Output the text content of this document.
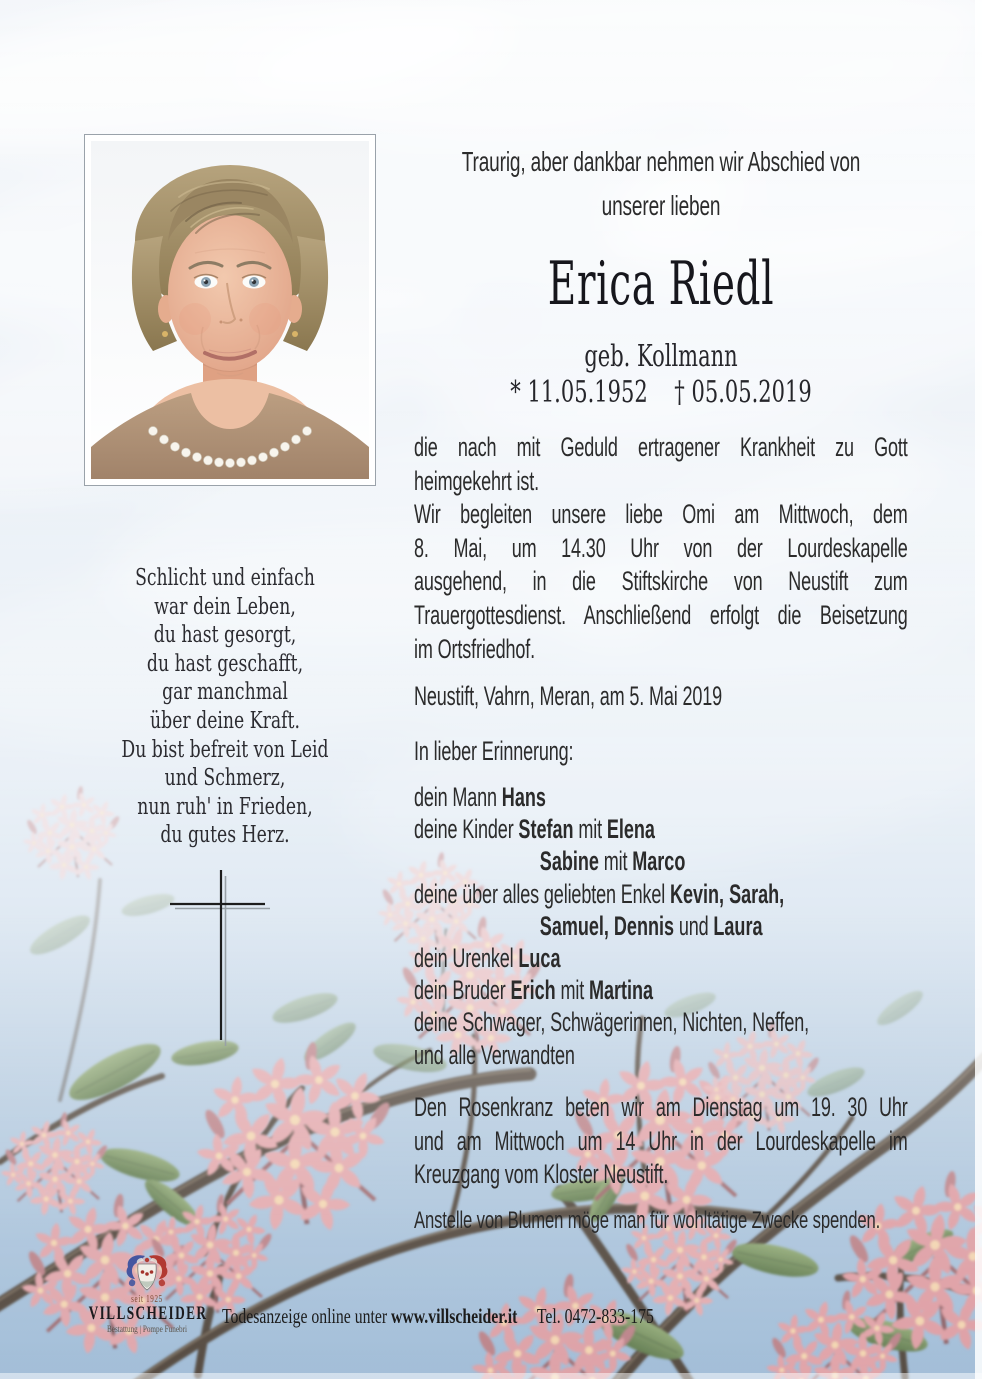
Traurig, aber dankbar nehmen wir Abschied von
unserer lieben
Erica Riedl
geb. Kollmann
* 11.05.1952 † 05.05.2019
Schlicht und einfach
war dein Leben,
du hast gesorgt,
du hast geschafft,
gar manchmal
über deine Kraft.
Du bist befreit von Leid
und Schmerz,
nun ruh' in Frieden,
du gutes Herz.
die nach mit Geduld ertragener Krankheit zu Gott
heimgekehrt ist.
Wir begleiten unsere liebe Omi am Mittwoch, dem
8. Mai, um 14.30 Uhr von der Lourdeskapelle
ausgehend, in die Stiftskirche von Neustift zum
Trauergottesdienst. Anschließend erfolgt die Beisetzung
im Ortsfriedhof.
Neustift, Vahrn, Meran, am 5. Mai 2019
In lieber Erinnerung:
dein Mann Hans
deine Kinder Stefan mit Elena
Sabine mit Marco
deine über alles geliebten Enkel Kevin, Sarah,
Samuel, Dennis und Laura
dein Urenkel Luca
dein Bruder Erich mit Martina
deine Schwager, Schwägerinnen, Nichten, Neffen,
und alle Verwandten
Den Rosenkranz beten wir am Dienstag um 19. 30 Uhr
und am Mittwoch um 14 Uhr in der Lourdeskapelle im
Kreuzgang vom Kloster Neustift.
Anstelle von Blumen möge man für wohltätige Zwecke spenden.
seit 1925
VILLSCHEIDER
Bestattung | Pompe Funebri
Todesanzeige online unter www.villscheider.it Tel. 0472-833-175
